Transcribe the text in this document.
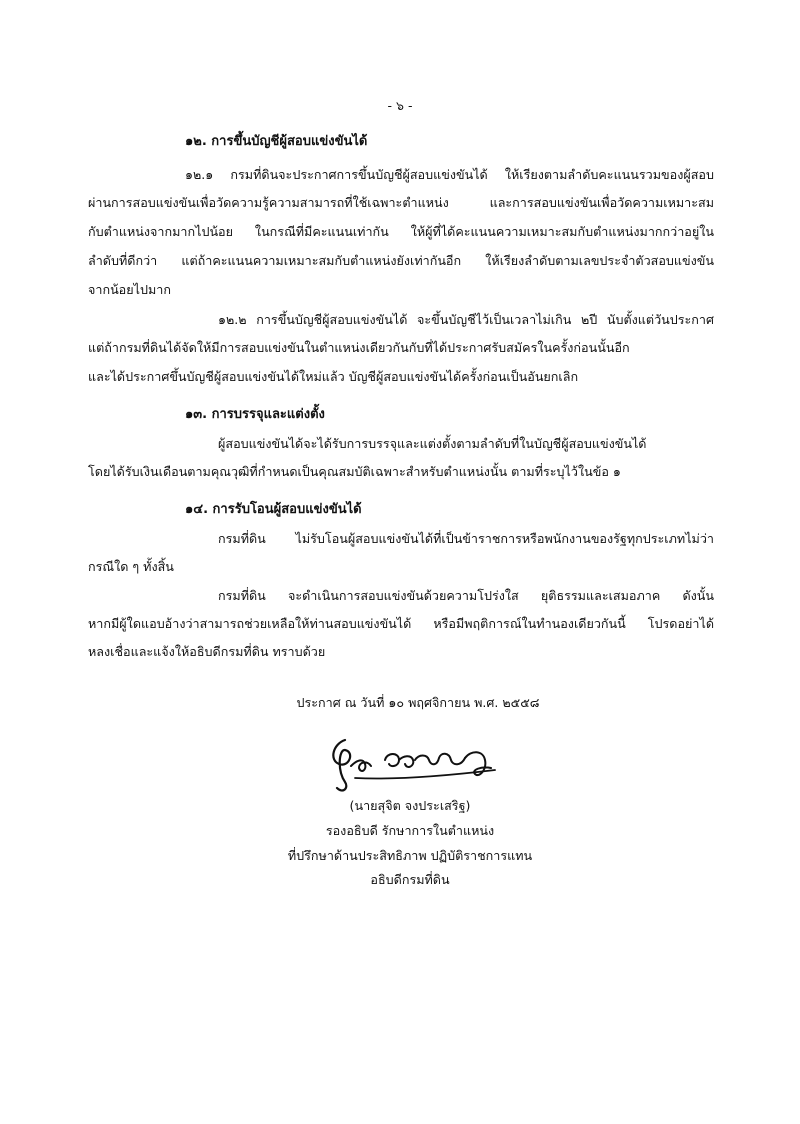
- ๖ -
๑๒. การขึ้นบัญชีผู้สอบแข่งขันได้
๑๒.๑ กรมที่ดินจะประกาศการขึ้นบัญชีผู้สอบแข่งขันได้ ให้เรียงตามลำดับคะแนนรวมของผู้สอบ
ผ่านการสอบแข่งขันเพื่อวัดความรู้ความสามารถที่ใช้เฉพาะตำแหน่ง และการสอบแข่งขันเพื่อวัดความเหมาะสม
กับตำแหน่งจากมากไปน้อย ในกรณีที่มีคะแนนเท่ากัน ให้ผู้ที่ได้คะแนนความเหมาะสมกับตำแหน่งมากกว่าอยู่ใน
ลำดับที่ดีกว่า แต่ถ้าคะแนนความเหมาะสมกับตำแหน่งยังเท่ากันอีก ให้เรียงลำดับตามเลขประจำตัวสอบแข่งขัน
จากน้อยไปมาก
๑๒.๒ การขึ้นบัญชีผู้สอบแข่งขันได้ จะขึ้นบัญชีไว้เป็นเวลาไม่เกิน ๒ปี นับตั้งแต่วันประกาศ
แต่ถ้ากรมที่ดินได้จัดให้มีการสอบแข่งขันในตำแหน่งเดียวกันกับที่ได้ประกาศรับสมัครในครั้งก่อนนั้นอีก
และได้ประกาศขึ้นบัญชีผู้สอบแข่งขันได้ใหม่แล้ว บัญชีผู้สอบแข่งขันได้ครั้งก่อนเป็นอันยกเลิก
๑๓. การบรรจุและแต่งตั้ง
ผู้สอบแข่งขันได้จะได้รับการบรรจุและแต่งตั้งตามลำดับที่ในบัญชีผู้สอบแข่งขันได้
โดยได้รับเงินเดือนตามคุณวุฒิที่กำหนดเป็นคุณสมบัติเฉพาะสำหรับตำแหน่งนั้น ตามที่ระบุไว้ในข้อ ๑
๑๔. การรับโอนผู้สอบแข่งขันได้
กรมที่ดิน ไม่รับโอนผู้สอบแข่งขันได้ที่เป็นข้าราชการหรือพนักงานของรัฐทุกประเภทไม่ว่า
กรณีใด ๆ ทั้งสิ้น
กรมที่ดิน จะดำเนินการสอบแข่งขันด้วยความโปร่งใส ยุติธรรมและเสมอภาค ดังนั้น
หากมีผู้ใดแอบอ้างว่าสามารถช่วยเหลือให้ท่านสอบแข่งขันได้ หรือมีพฤติการณ์ในทำนองเดียวกันนี้ โปรดอย่าได้
หลงเชื่อและแจ้งให้อธิบดีกรมที่ดิน ทราบด้วย
ประกาศ ณ วันที่ ๑๐ พฤศจิกายน พ.ศ. ๒๕๕๘
(นายสุจิต จงประเสริฐ)
รองอธิบดี รักษาการในตำแหน่ง
ที่ปรึกษาด้านประสิทธิภาพ ปฏิบัติราชการแทน
อธิบดีกรมที่ดิน
